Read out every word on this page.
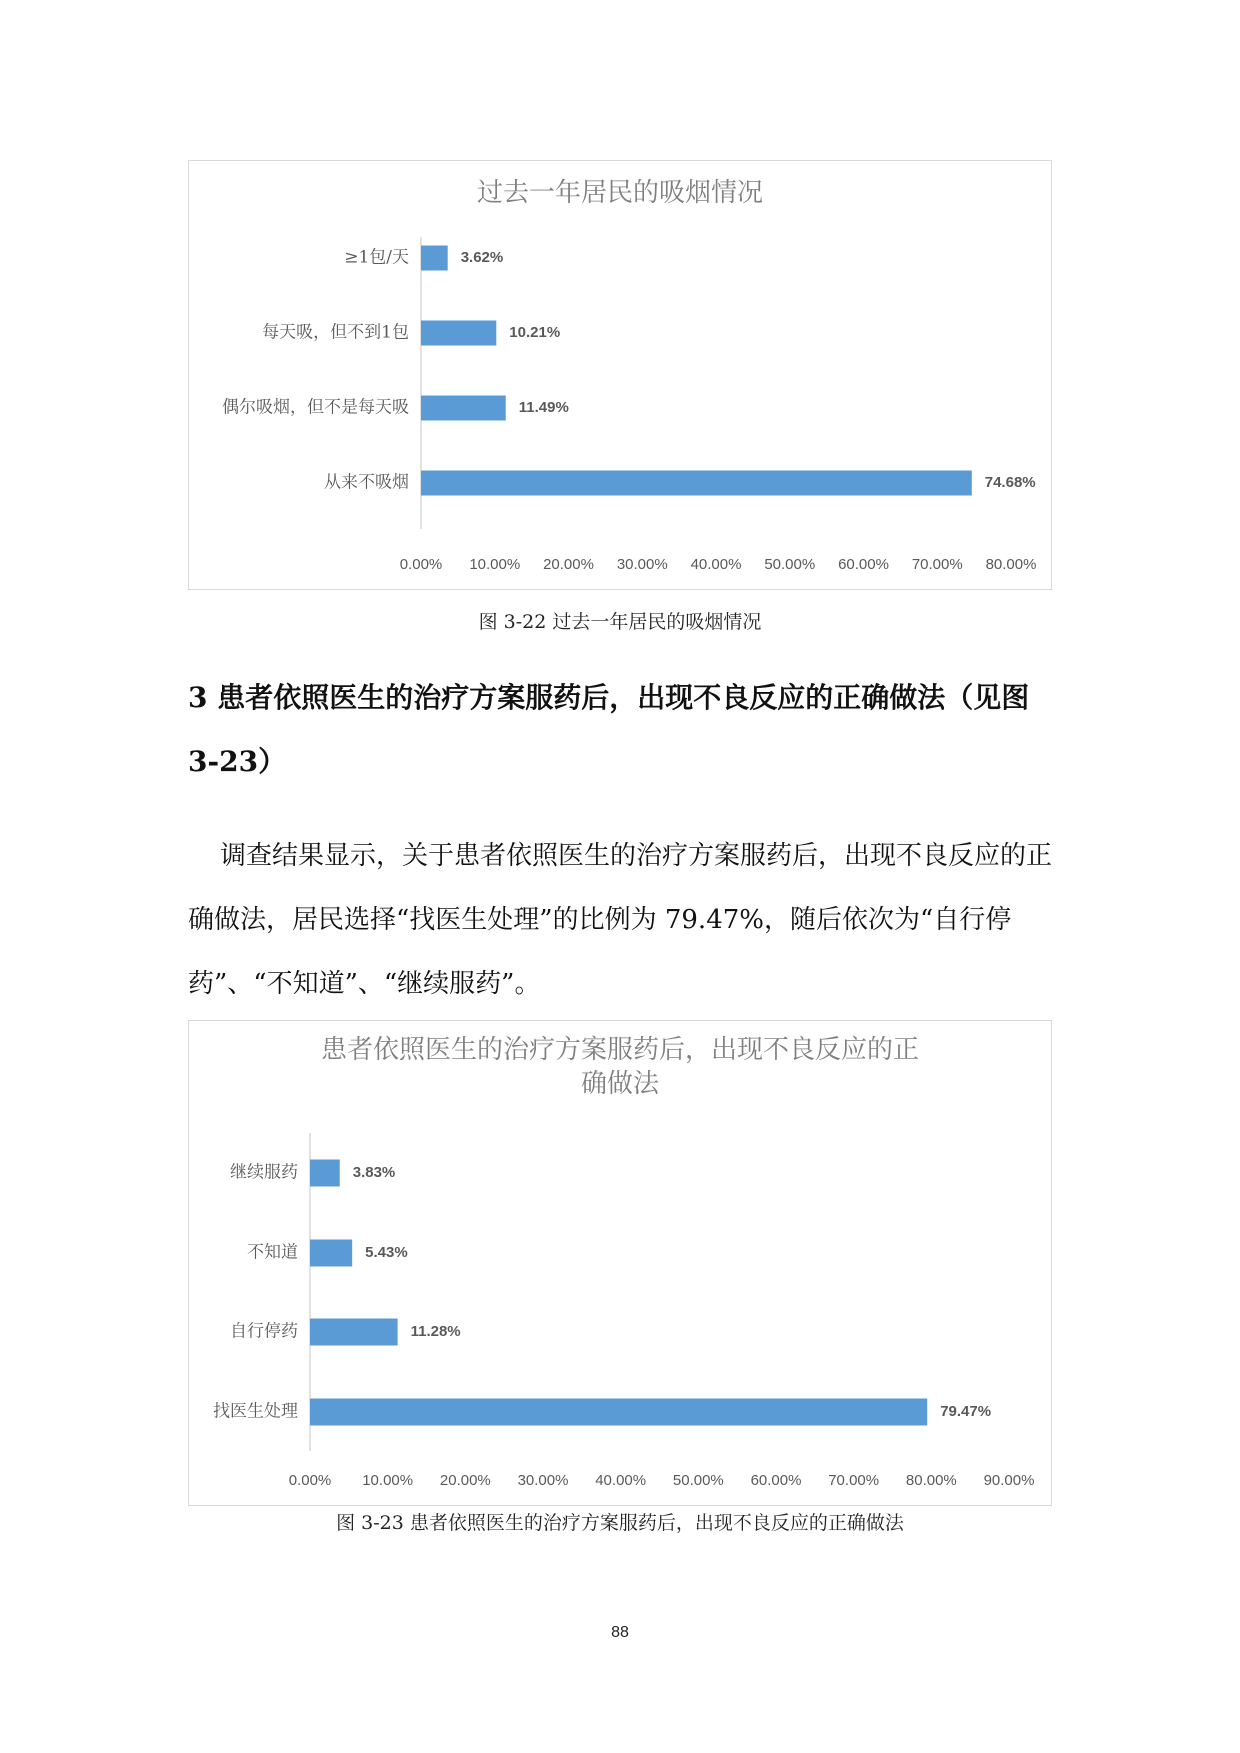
过去一年居民的吸烟情况
≥1包/天	3.62%
每天吸，但不到1包	10.21%
偶尔吸烟，但不是每天吸	11.49%
从来不吸烟	74.68%
0.00% 10.00% 20.00% 30.00% 40.00% 50.00% 60.00% 70.00% 80.00%

图 3-22 过去一年居民的吸烟情况

3 患者依照医生的治疗方案服药后，出现不良反应的正确做法（见图 3-23）

调查结果显示，关于患者依照医生的治疗方案服药后，出现不良反应的正确做法，居民选择“找医生处理”的比例为 79.47%，随后依次为“自行停药”、“不知道”、“继续服药”。

患者依照医生的治疗方案服药后，出现不良反应的正
确做法
继续服药	3.83%
不知道	5.43%
自行停药	11.28%
找医生处理	79.47%
0.00% 10.00% 20.00% 30.00% 40.00% 50.00% 60.00% 70.00% 80.00% 90.00%

图 3-23 患者依照医生的治疗方案服药后，出现不良反应的正确做法

88
